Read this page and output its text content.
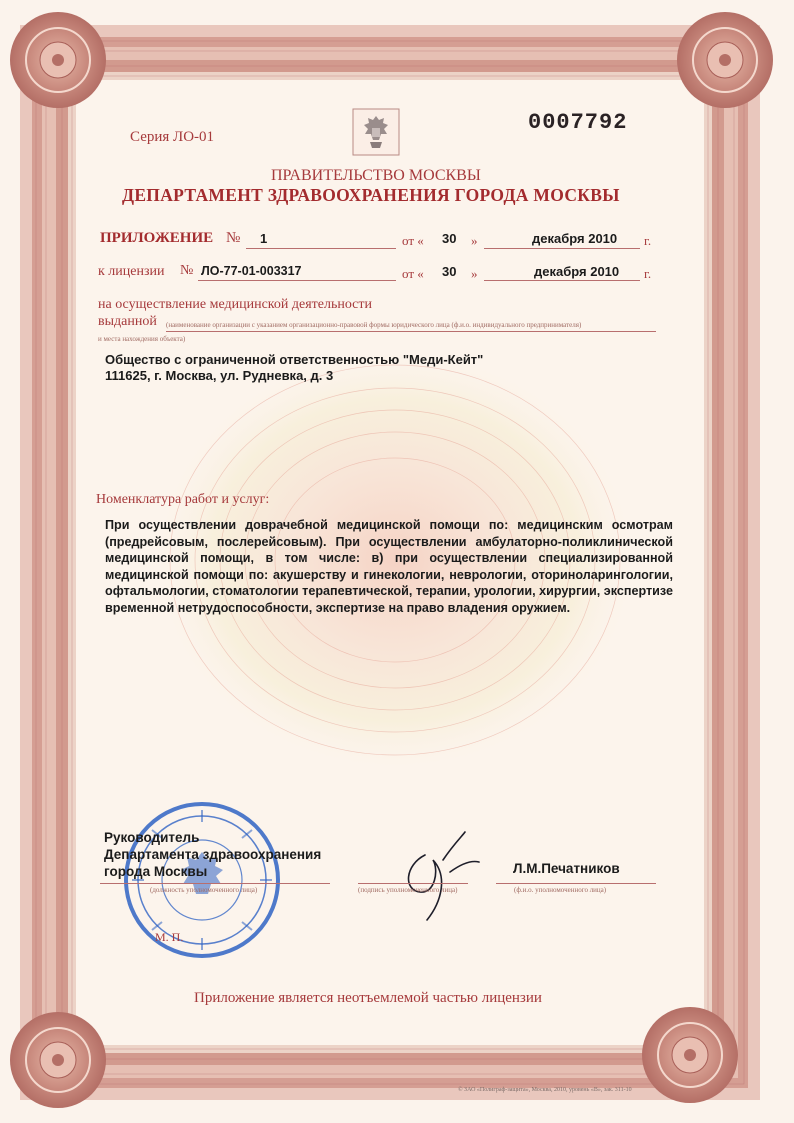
Серия ЛО-01
0007792
ПРАВИТЕЛЬСТВО МОСКВЫ
ДЕПАРТАМЕНТ ЗДРАВООХРАНЕНИЯ ГОРОДА МОСКВЫ
ПРИЛОЖЕНИЕ № 1	от « 30 »	декабря 2010 г.
к лицензии № ЛО-77-01-003317	от « 30 »	декабря 2010 г.
на осуществление медицинской деятельности
выданной (наименование организации с указанием организационно-правовой формы юридического лица (ф.и.о. индивидуального предпринимателя)
и места нахождения объекта)
Общество с ограниченной ответственностью "Меди-Кейт"
111625, г. Москва, ул. Рудневка, д. 3
Номенклатура работ и услуг:
При осуществлении доврачебной медицинской помощи по: медицинским осмотрам (предрейсовым, послерейсовым). При осуществлении амбулаторно-поликлинической медицинской помощи, в том числе: в) при осуществлении специализированной медицинской помощи по: акушерству и гинекологии, неврологии, оториноларингологии, офтальмологии, стоматологии терапевтической, терапии, урологии, хирургии, экспертизе временной нетрудоспособности, экспертизе на право владения оружием.
Руководитель
Департамента здравоохранения
города Москвы
(должность уполномоченного лица)	(подпись уполномоченного лица)
Л.М.Печатников
(ф.и.о. уполномоченного лица)
М. П.
Приложение является неотъемлемой частью лицензии
© ЗАО «Полиграф-защита», Москва, 2010, уровень «В», зак. 311-10
